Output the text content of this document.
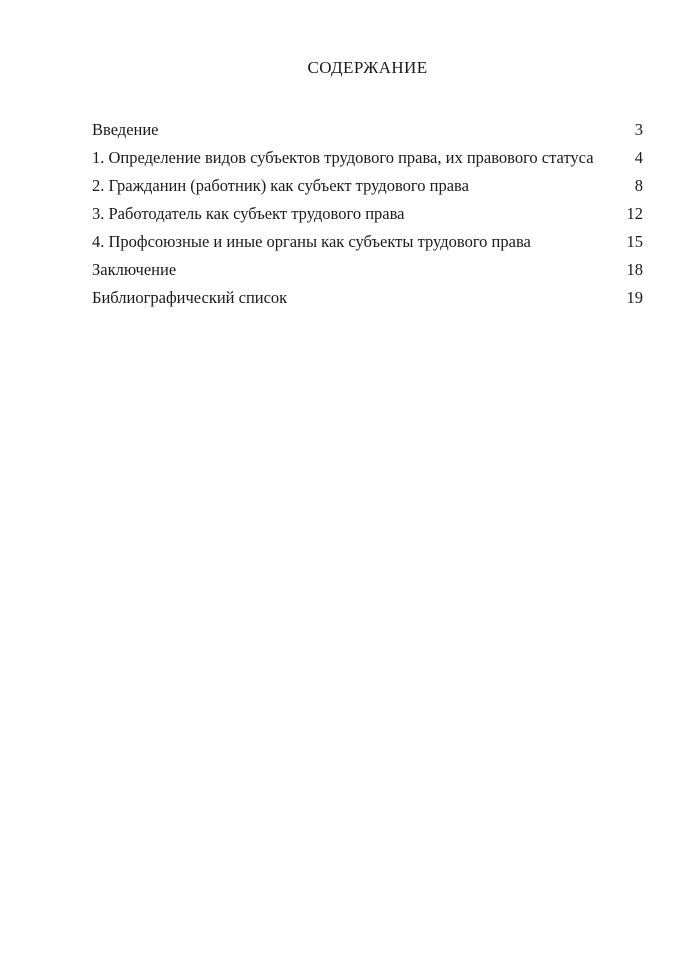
СОДЕРЖАНИЕ
Введение	3
1. Определение видов субъектов трудового права, их правового статуса 4
2. Гражданин (работник) как субъект трудового права	8
3. Работодатель как субъект трудового права	12
4. Профсоюзные и иные органы как субъекты трудового права	15
Заключение	18
Библиографический список	19
